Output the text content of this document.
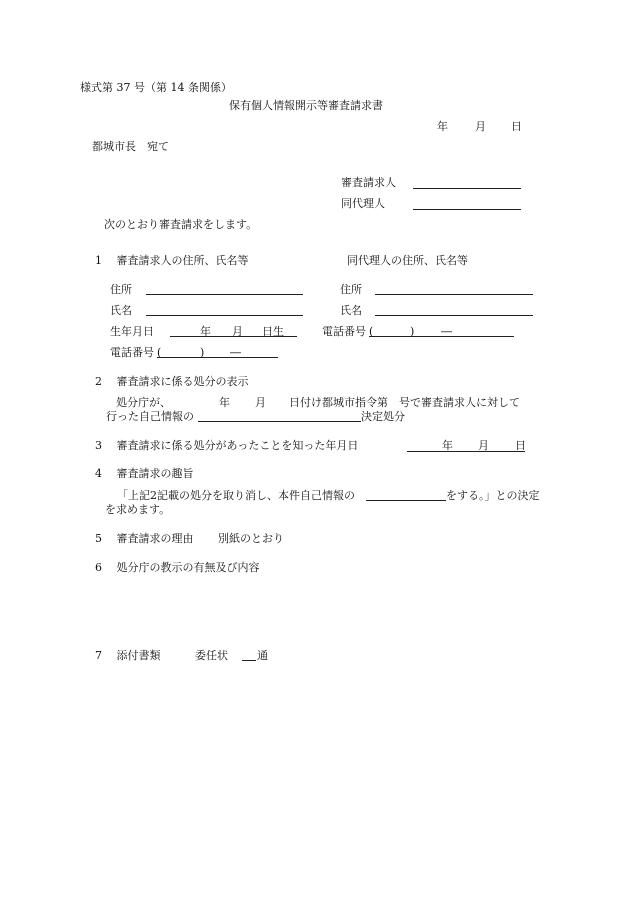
様式第 37 号（第 14 条関係）
保有個人情報開示等審査請求書
年 月 日
都城市長　宛て
審査請求人
同代理人
次のとおり審査請求をします。
1　 審査請求人の住所、氏名等	同代理人の住所、氏名等
住所	住所
氏名	氏名
生年月日	年 月 日生	電話番号 (	) ―
電話番号 (	) ―
2　 審査請求に係る処分の表示
処分庁が、	年 月 日付け都城市指令第　号で審査請求人に対して
行った自己情報の	決定処分
3　 審査請求に係る処分があったことを知った年月日	年 月 日
4　 審査請求の趣旨
「上記2記載の処分を取り消し、本件自己情報の	をする。」との決定
を求めます。
5　 審査請求の理由 別紙のとおり
6　 処分庁の教示の有無及び内容
7　 添付書類	委任状	通
